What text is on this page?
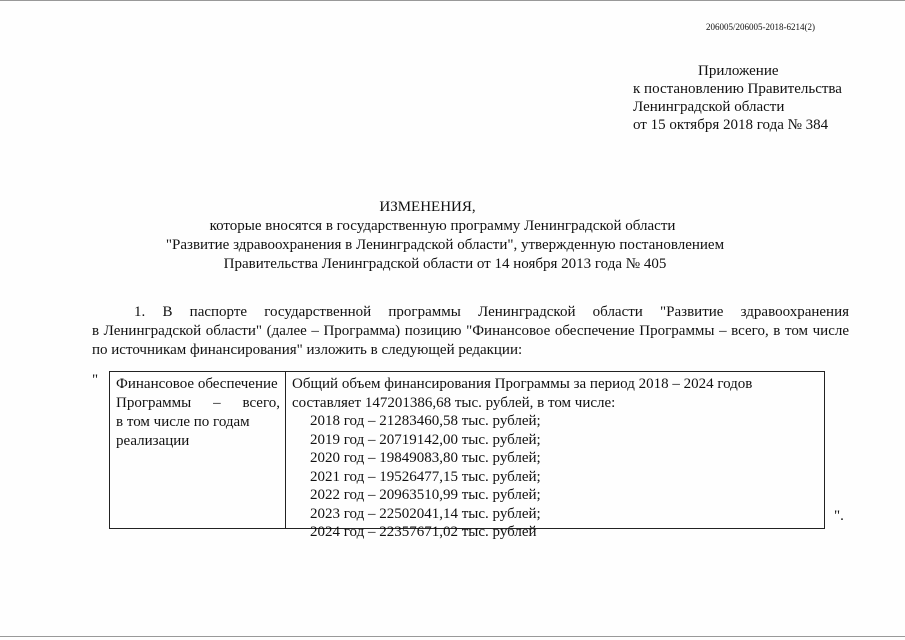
206005/206005-2018-6214(2)
Приложение
к постановлению Правительства
Ленинградской области
от 15 октября 2018 года № 384
ИЗМЕНЕНИЯ,
которые вносятся в государственную программу Ленинградской области
"Развитие здравоохранения в Ленинградской области", утвержденную постановлением
Правительства Ленинградской области от 14 ноября 2013 года № 405
1. В паспорте государственной программы Ленинградской области "Развитие здравоохранения
в Ленинградской области" (далее – Программа) позицию "Финансовое обеспечение Программы – всего, в том числе по источникам финансирования" изложить в следующей редакции:
" Финансовое обеспечение
Программы – всего,
в том числе по годам
реализации
Общий объем финансирования Программы за период 2018 – 2024 годов
составляет 147201386,68 тыс. рублей, в том числе:
2018 год – 21283460,58 тыс. рублей;
2019 год – 20719142,00 тыс. рублей;
2020 год – 19849083,80 тыс. рублей;
2021 год – 19526477,15 тыс. рублей;
2022 год – 20963510,99 тыс. рублей;
2023 год – 22502041,14 тыс. рублей;
2024 год – 22357671,02 тыс. рублей
".
